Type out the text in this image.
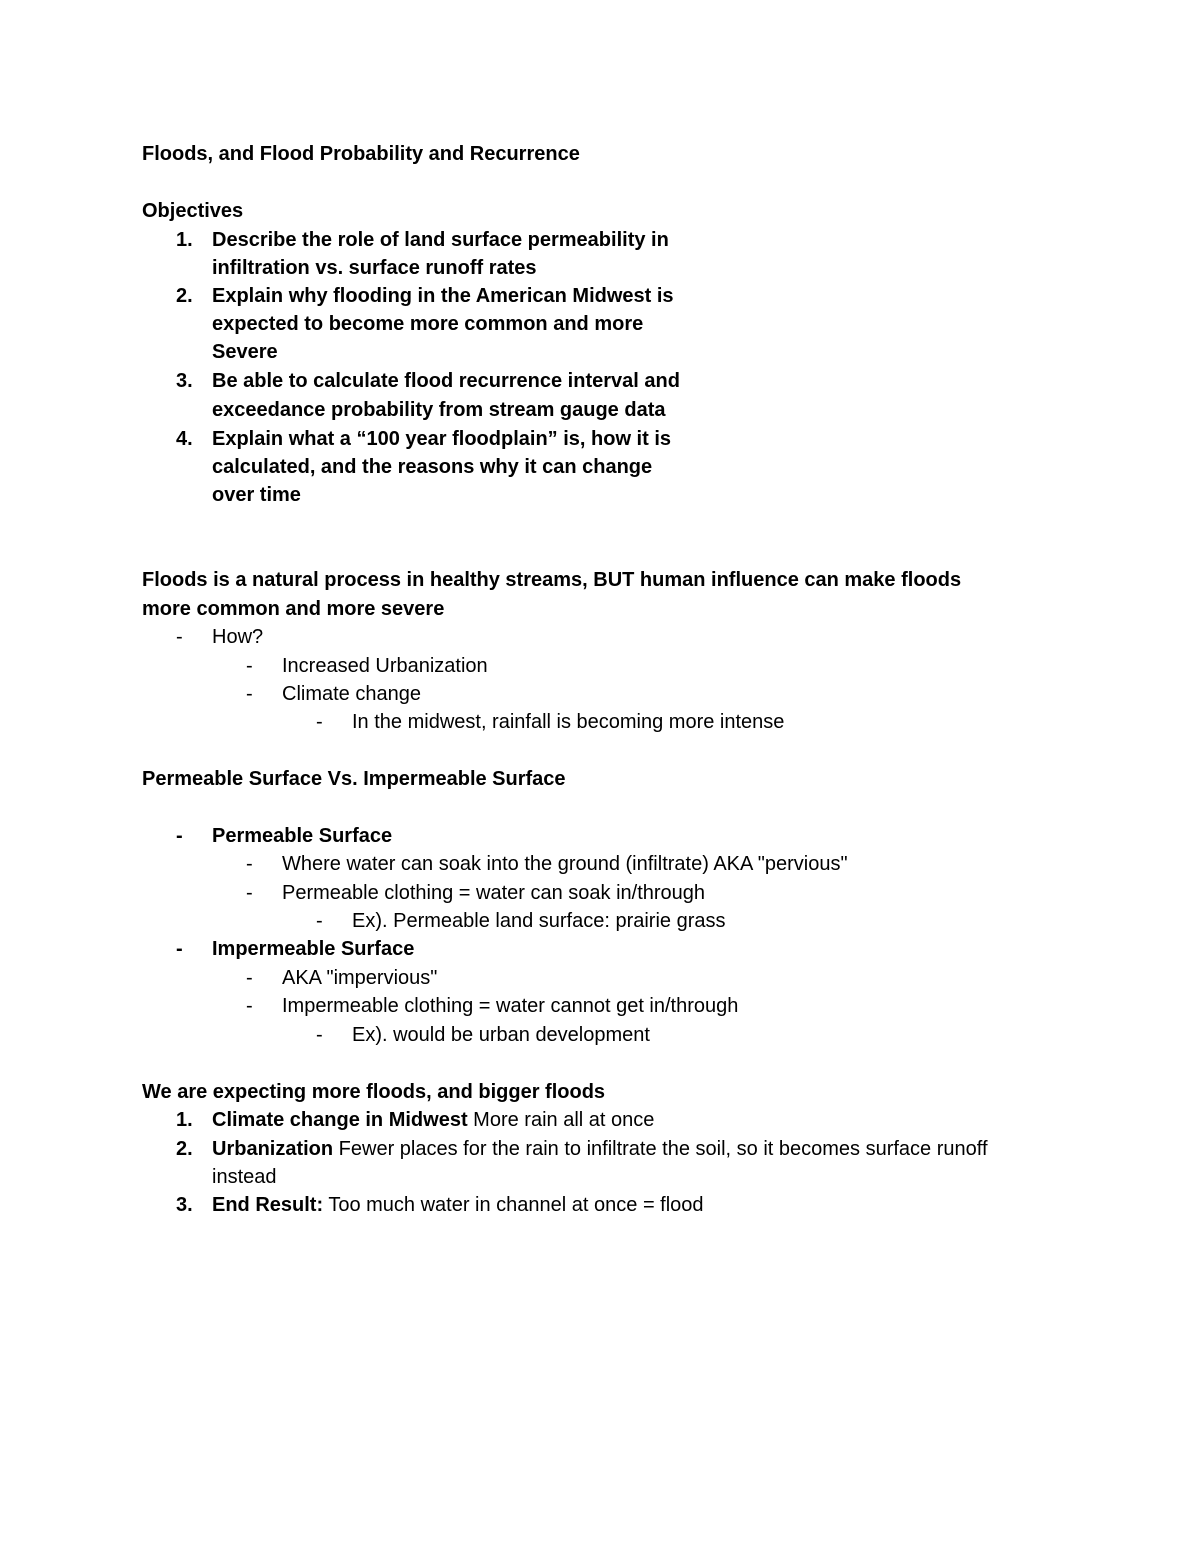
Floods, and Flood Probability and Recurrence
Objectives
1. Describe the role of land surface permeability in
infiltration vs. surface runoff rates
2. Explain why flooding in the American Midwest is
expected to become more common and more
Severe
3. Be able to calculate flood recurrence interval and
exceedance probability from stream gauge data
4. Explain what a “100 year floodplain” is, how it is
calculated, and the reasons why it can change
over time
Floods is a natural process in healthy streams, BUT human influence can make floods
more common and more severe
- How?
- Increased Urbanization
- Climate change
- In the midwest, rainfall is becoming more intense
Permeable Surface Vs. Impermeable Surface
- Permeable Surface
- Where water can soak into the ground (infiltrate) AKA "pervious"
- Permeable clothing = water can soak in/through
- Ex). Permeable land surface: prairie grass
- Impermeable Surface
- AKA "impervious"
- Impermeable clothing = water cannot get in/through
- Ex). would be urban development
We are expecting more floods, and bigger floods
1. Climate change in Midwest More rain all at once
2. Urbanization Fewer places for the rain to infiltrate the soil, so it becomes surface runoff
instead
3. End Result: Too much water in channel at once = flood
